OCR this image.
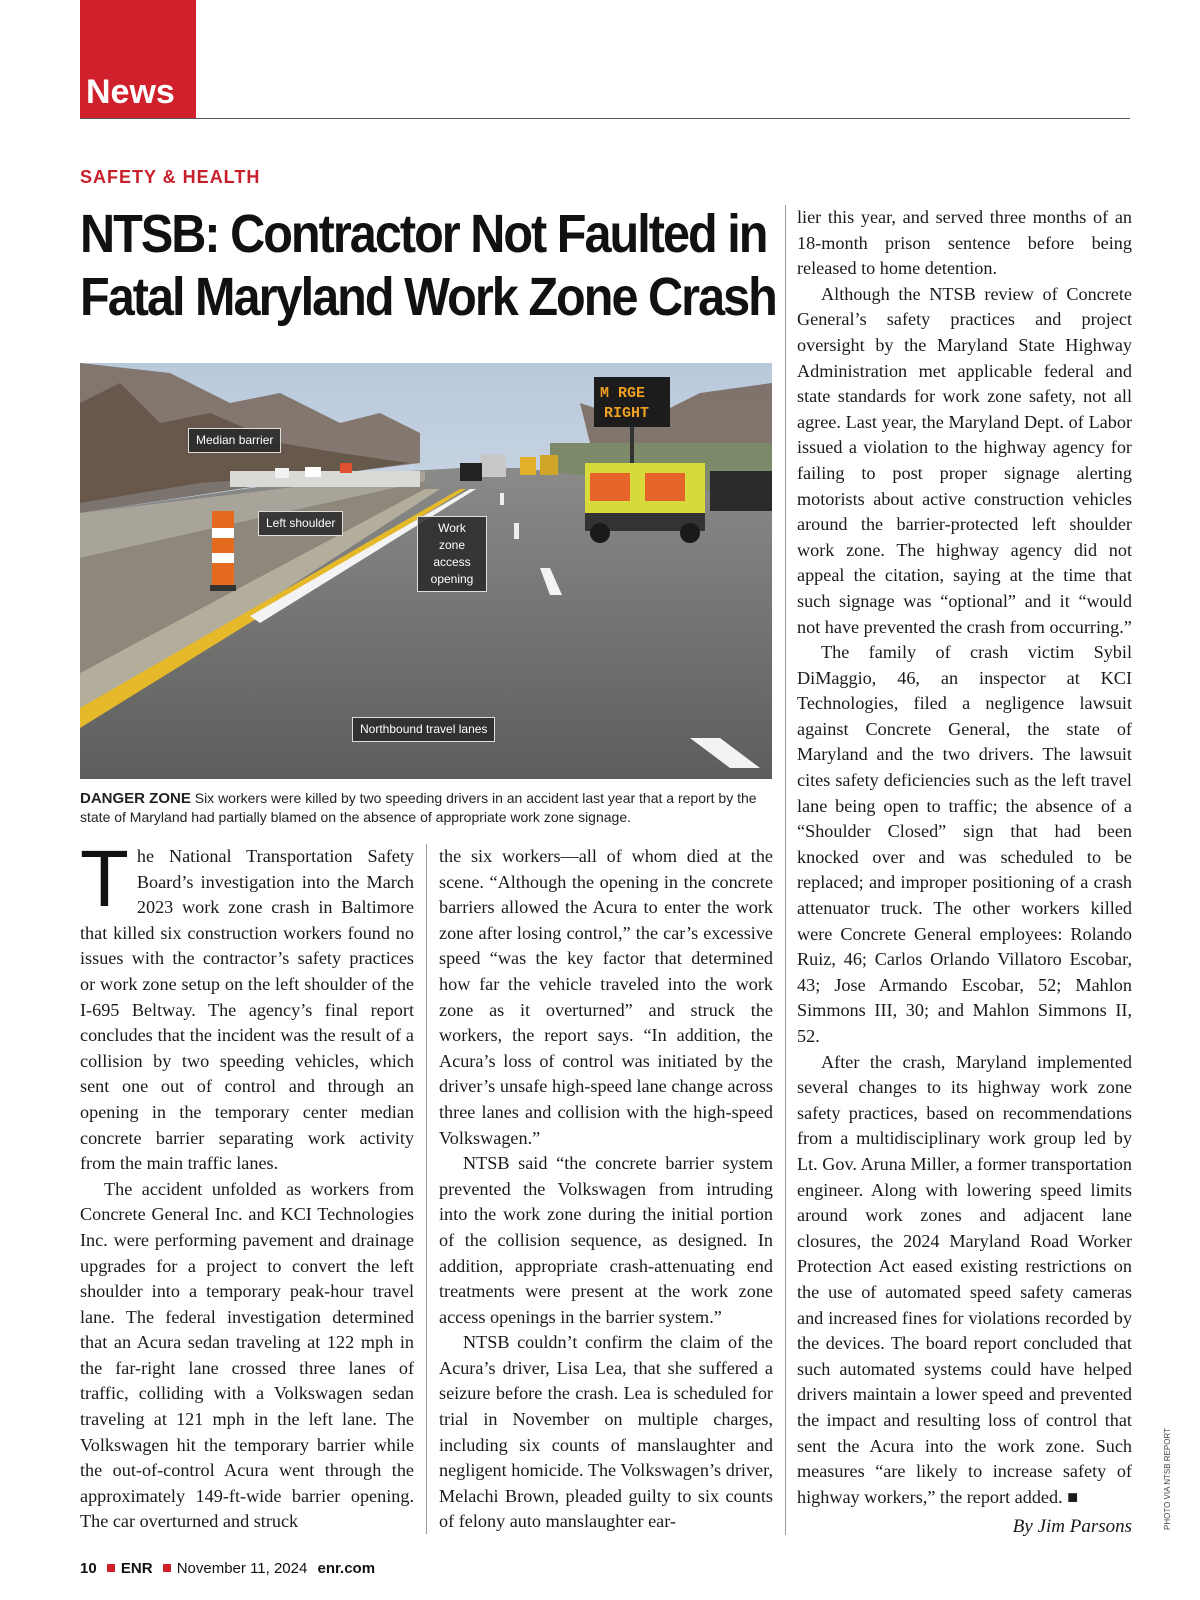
News
SAFETY & HEALTH
NTSB: Contractor Not Faulted in
Fatal Maryland Work Zone Crash
M RGE
RIGHT
Median barrier
Left shoulder	Work zone access opening
Northbound travel lanes
DANGER ZONE Six workers were killed by two speeding drivers in an accident last year that a report by the state of Maryland had partially blamed on the absence of appropriate work zone signage.

The National Transportation Safety Board’s investigation into the March 2023 work zone crash in Baltimore that killed six construction workers found no issues with the contractor’s safety practices or work zone setup on the left shoulder of the I-695 Beltway. The agency’s final report concludes that the incident was the result of a collision by two speeding vehicles, which sent one out of control and through an opening in the temporary center median concrete barrier separating work activity from the main traffic lanes.

The accident unfolded as workers from Concrete General Inc. and KCI Technologies Inc. were performing pavement and drainage upgrades for a project to convert the left shoulder into a temporary peak-hour travel lane. The federal investigation determined that an Acura sedan traveling at 122 mph in the far-right lane crossed three lanes of traffic, colliding with a Volkswagen sedan traveling at 121 mph in the left lane. The Volkswagen hit the temporary barrier while the out-of-control Acura went through the approximately 149-ft-wide barrier opening. The car overturned and struck

the six workers—all of whom died at the scene. “Although the opening in the concrete barriers allowed the Acura to enter the work zone after losing control,” the car’s excessive speed “was the key factor that determined how far the vehicle traveled into the work zone as it overturned” and struck the workers, the report says. “In addition, the Acura’s loss of control was initiated by the driver’s unsafe high-speed lane change across three lanes and collision with the high-speed Volkswagen.”

NTSB said “the concrete barrier system prevented the Volkswagen from intruding into the work zone during the initial portion of the collision sequence, as designed. In addition, appropriate crash-attenuating end treatments were present at the work zone access openings in the barrier system.”

NTSB couldn’t confirm the claim of the Acura’s driver, Lisa Lea, that she suffered a seizure before the crash. Lea is scheduled for trial in November on multiple charges, including six counts of manslaughter and negligent homicide. The Volkswagen’s driver, Melachi Brown, pleaded guilty to six counts of felony auto manslaughter ear-

lier this year, and served three months of an 18-month prison sentence before being released to home detention.

Although the NTSB review of Concrete General’s safety practices and project oversight by the Maryland State Highway Administration met applicable federal and state standards for work zone safety, not all agree. Last year, the Maryland Dept. of Labor issued a violation to the highway agency for failing to post proper signage alerting motorists about active construction vehicles around the barrier-protected left shoulder work zone. The highway agency did not appeal the citation, saying at the time that such signage was “optional” and it “would not have prevented the crash from occurring.”

The family of crash victim Sybil DiMaggio, 46, an inspector at KCI Technologies, filed a negligence lawsuit against Concrete General, the state of Maryland and the two drivers. The lawsuit cites safety deficiencies such as the left travel lane being open to traffic; the absence of a “Shoulder Closed” sign that had been knocked over and was scheduled to be replaced; and improper positioning of a crash attenuator truck. The other workers killed were Concrete General employees: Rolando Ruiz, 46; Carlos Orlando Villatoro Escobar, 43; Jose Armando Escobar, 52; Mahlon Simmons III, 30; and Mahlon Simmons II, 52.

After the crash, Maryland implemented several changes to its highway work zone safety practices, based on recommendations from a multidisciplinary work group led by Lt. Gov. Aruna Miller, a former transportation engineer. Along with lowering speed limits around work zones and adjacent lane closures, the 2024 Maryland Road Worker Protection Act eased existing restrictions on the use of automated speed safety cameras and increased fines for violations recorded by the devices. The board report concluded that such automated systems could have helped drivers maintain a lower speed and prevented the impact and resulting loss of control that sent the Acura into the work zone. Such measures “are likely to increase safety of highway workers,” the report added. ■

By Jim Parsons	PHOTO VIA NTSB REPORT
10 ENR November 11, 2024 enr.com
